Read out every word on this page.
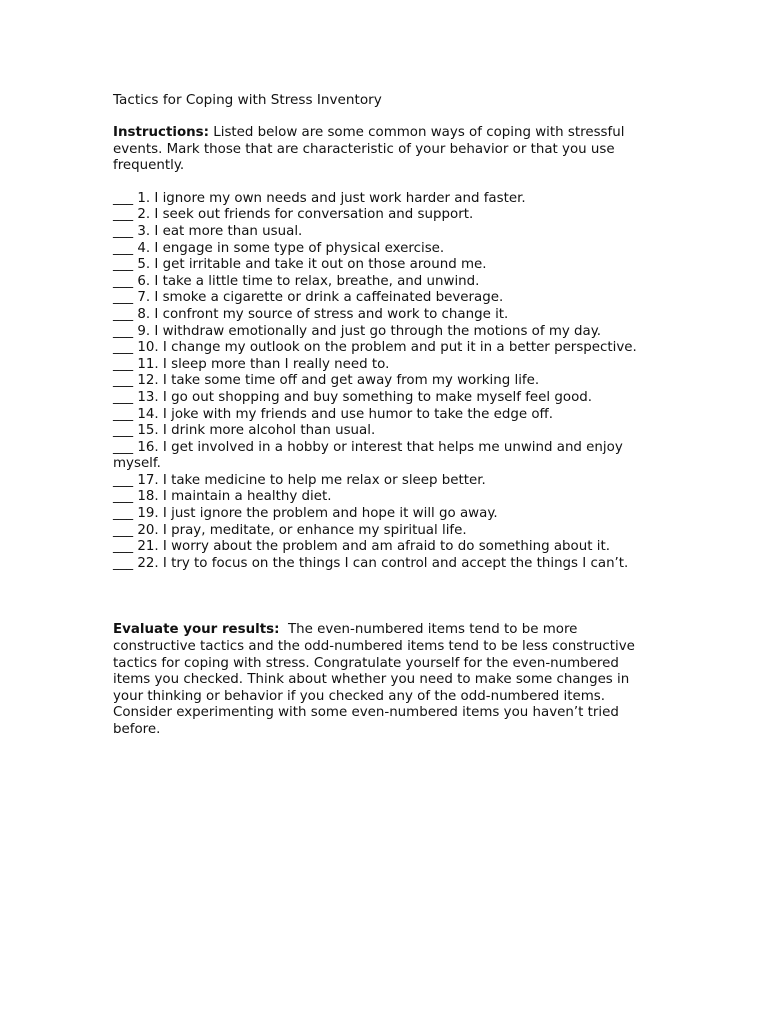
Tactics for Coping with Stress Inventory

Instructions: Listed below are some common ways of coping with stressful events. Mark those that are characteristic of your behavior or that you use frequently.

___ 1. I ignore my own needs and just work harder and faster.
___ 2. I seek out friends for conversation and support.
___ 3. I eat more than usual.
___ 4. I engage in some type of physical exercise.
___ 5. I get irritable and take it out on those around me.
___ 6. I take a little time to relax, breathe, and unwind.
___ 7. I smoke a cigarette or drink a caffeinated beverage.
___ 8. I confront my source of stress and work to change it.
___ 9. I withdraw emotionally and just go through the motions of my day.
___ 10. I change my outlook on the problem and put it in a better perspective.
___ 11. I sleep more than I really need to.
___ 12. I take some time off and get away from my working life.
___ 13. I go out shopping and buy something to make myself feel good.
___ 14. I joke with my friends and use humor to take the edge off.
___ 15. I drink more alcohol than usual.
___ 16. I get involved in a hobby or interest that helps me unwind and enjoy myself.
___ 17. I take medicine to help me relax or sleep better.
___ 18. I maintain a healthy diet.
___ 19. I just ignore the problem and hope it will go away.
___ 20. I pray, meditate, or enhance my spiritual life.
___ 21. I worry about the problem and am afraid to do something about it.
___ 22. I try to focus on the things I can control and accept the things I can’t.

Evaluate your results:  The even-numbered items tend to be more constructive tactics and the odd-numbered items tend to be less constructive tactics for coping with stress. Congratulate yourself for the even-numbered items you checked. Think about whether you need to make some changes in your thinking or behavior if you checked any of the odd-numbered items. Consider experimenting with some even-numbered items you haven’t tried before.
